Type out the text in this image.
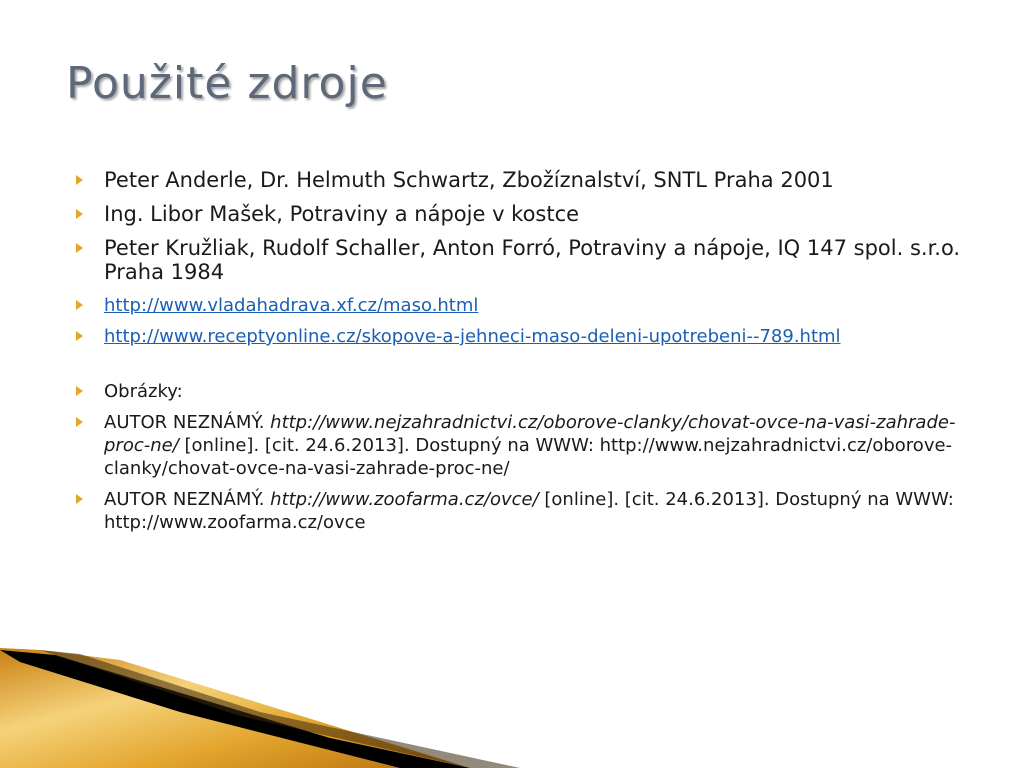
Použité zdroje
Peter Anderle, Dr. Helmuth Schwartz, Zbožíznalství, SNTL Praha 2001
Ing. Libor Mašek, Potraviny a nápoje v kostce
Peter Kružliak, Rudolf Schaller, Anton Forró, Potraviny a nápoje, IQ 147 spol. s.r.o. Praha 1984
http://www.vladahadrava.xf.cz/maso.html
http://www.receptyonline.cz/skopove-a-jehneci-maso-deleni-upotrebeni--789.html
Obrázky:
AUTOR NEZNÁMÝ. http://www.nejzahradnictvi.cz/oborove-clanky/chovat-ovce-na-vasi-zahrade-proc-ne/ [online]. [cit. 24.6.2013]. Dostupný na WWW: http://www.nejzahradnictvi.cz/oborove-clanky/chovat-ovce-na-vasi-zahrade-proc-ne/
AUTOR NEZNÁMÝ. http://www.zoofarma.cz/ovce/ [online]. [cit. 24.6.2013]. Dostupný na WWW: http://www.zoofarma.cz/ovce
